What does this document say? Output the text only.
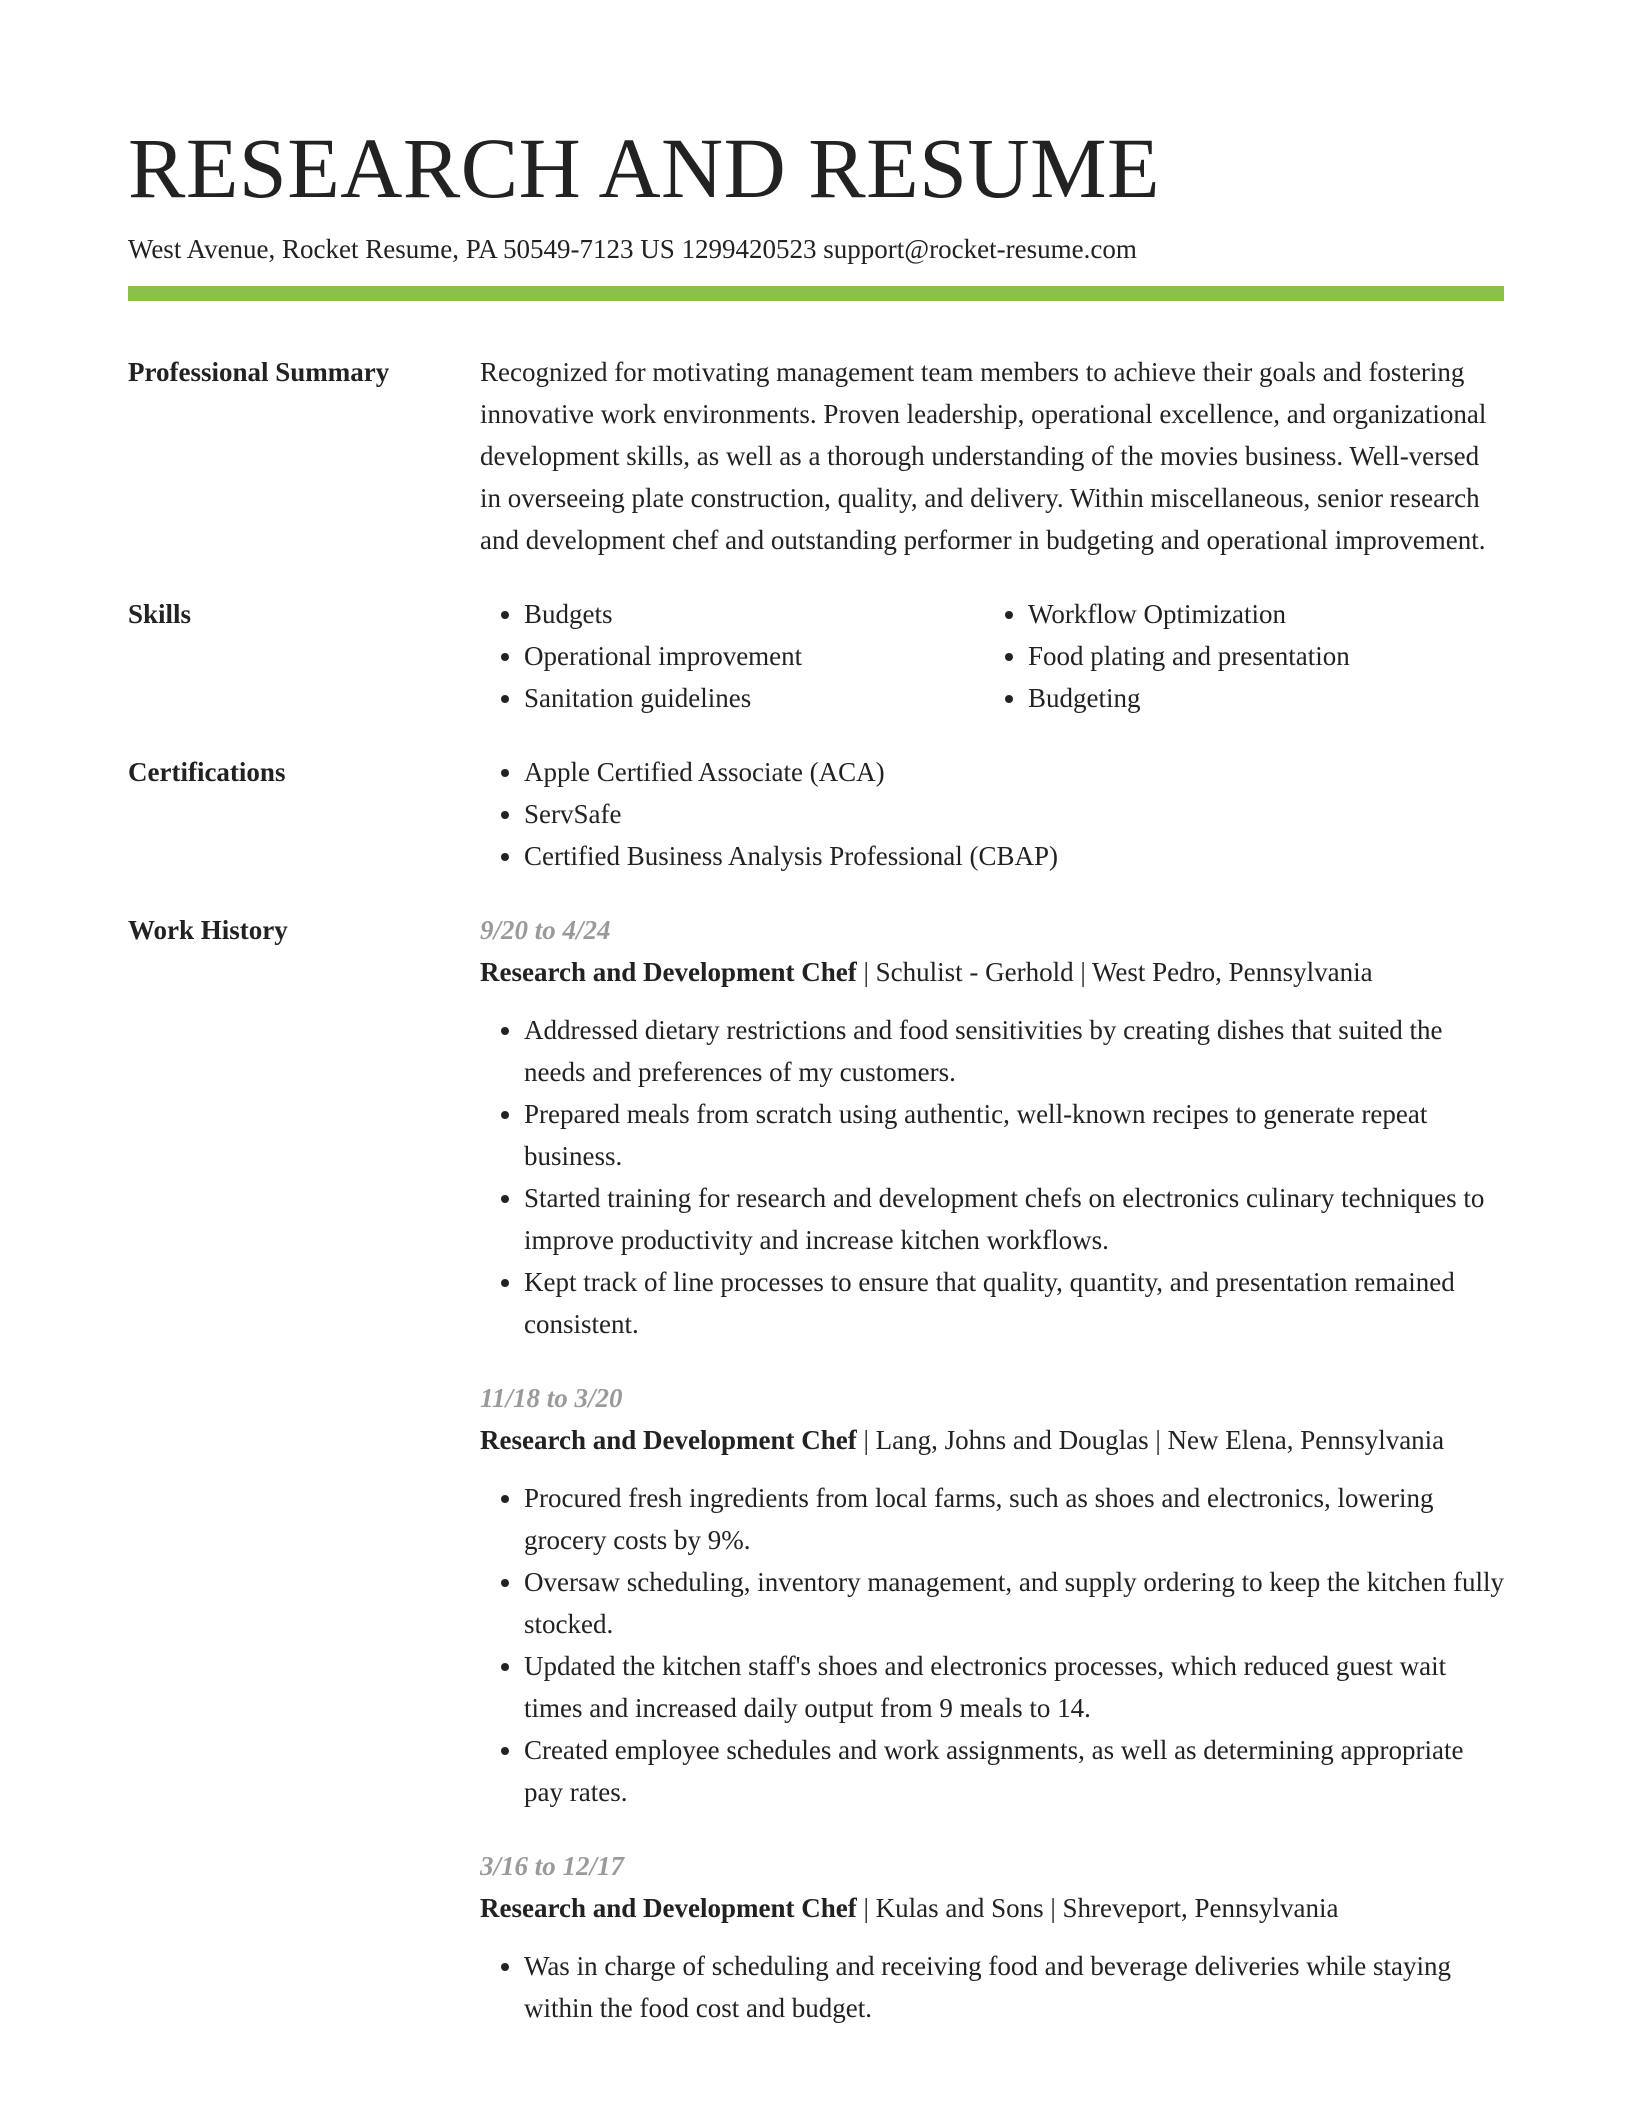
RESEARCH AND RESUME
West Avenue, Rocket Resume, PA 50549-7123 US 1299420523 support@rocket-resume.com
Professional Summary	Recognized for motivating management team members to achieve their goals and fostering innovative work environments. Proven leadership, operational excellence, and organizational development skills, as well as a thorough understanding of the movies business. Well-versed in overseeing plate construction, quality, and delivery. Within miscellaneous, senior research and development chef and outstanding performer in budgeting and operational improvement.

Skills	• Budgets
• Operational improvement
• Sanitation guidelines
• Workflow Optimization
• Food plating and presentation
• Budgeting
Certifications	• Apple Certified Associate (ACA)
• ServSafe
• Certified Business Analysis Professional (CBAP)
Work History	9/20 to 4/24
Research and Development Chef | Schulist - Gerhold | West Pedro, Pennsylvania
• Addressed dietary restrictions and food sensitivities by creating dishes that suited the needs and preferences of my customers.
• Prepared meals from scratch using authentic, well-known recipes to generate repeat business.
• Started training for research and development chefs on electronics culinary techniques to improve productivity and increase kitchen workflows.
• Kept track of line processes to ensure that quality, quantity, and presentation remained consistent.
11/18 to 3/20
Research and Development Chef | Lang, Johns and Douglas | New Elena, Pennsylvania
• Procured fresh ingredients from local farms, such as shoes and electronics, lowering grocery costs by 9%.
• Oversaw scheduling, inventory management, and supply ordering to keep the kitchen fully stocked.
• Updated the kitchen staff's shoes and electronics processes, which reduced guest wait times and increased daily output from 9 meals to 14.
• Created employee schedules and work assignments, as well as determining appropriate pay rates.
3/16 to 12/17
Research and Development Chef | Kulas and Sons | Shreveport, Pennsylvania
• Was in charge of scheduling and receiving food and beverage deliveries while staying within the food cost and budget.
